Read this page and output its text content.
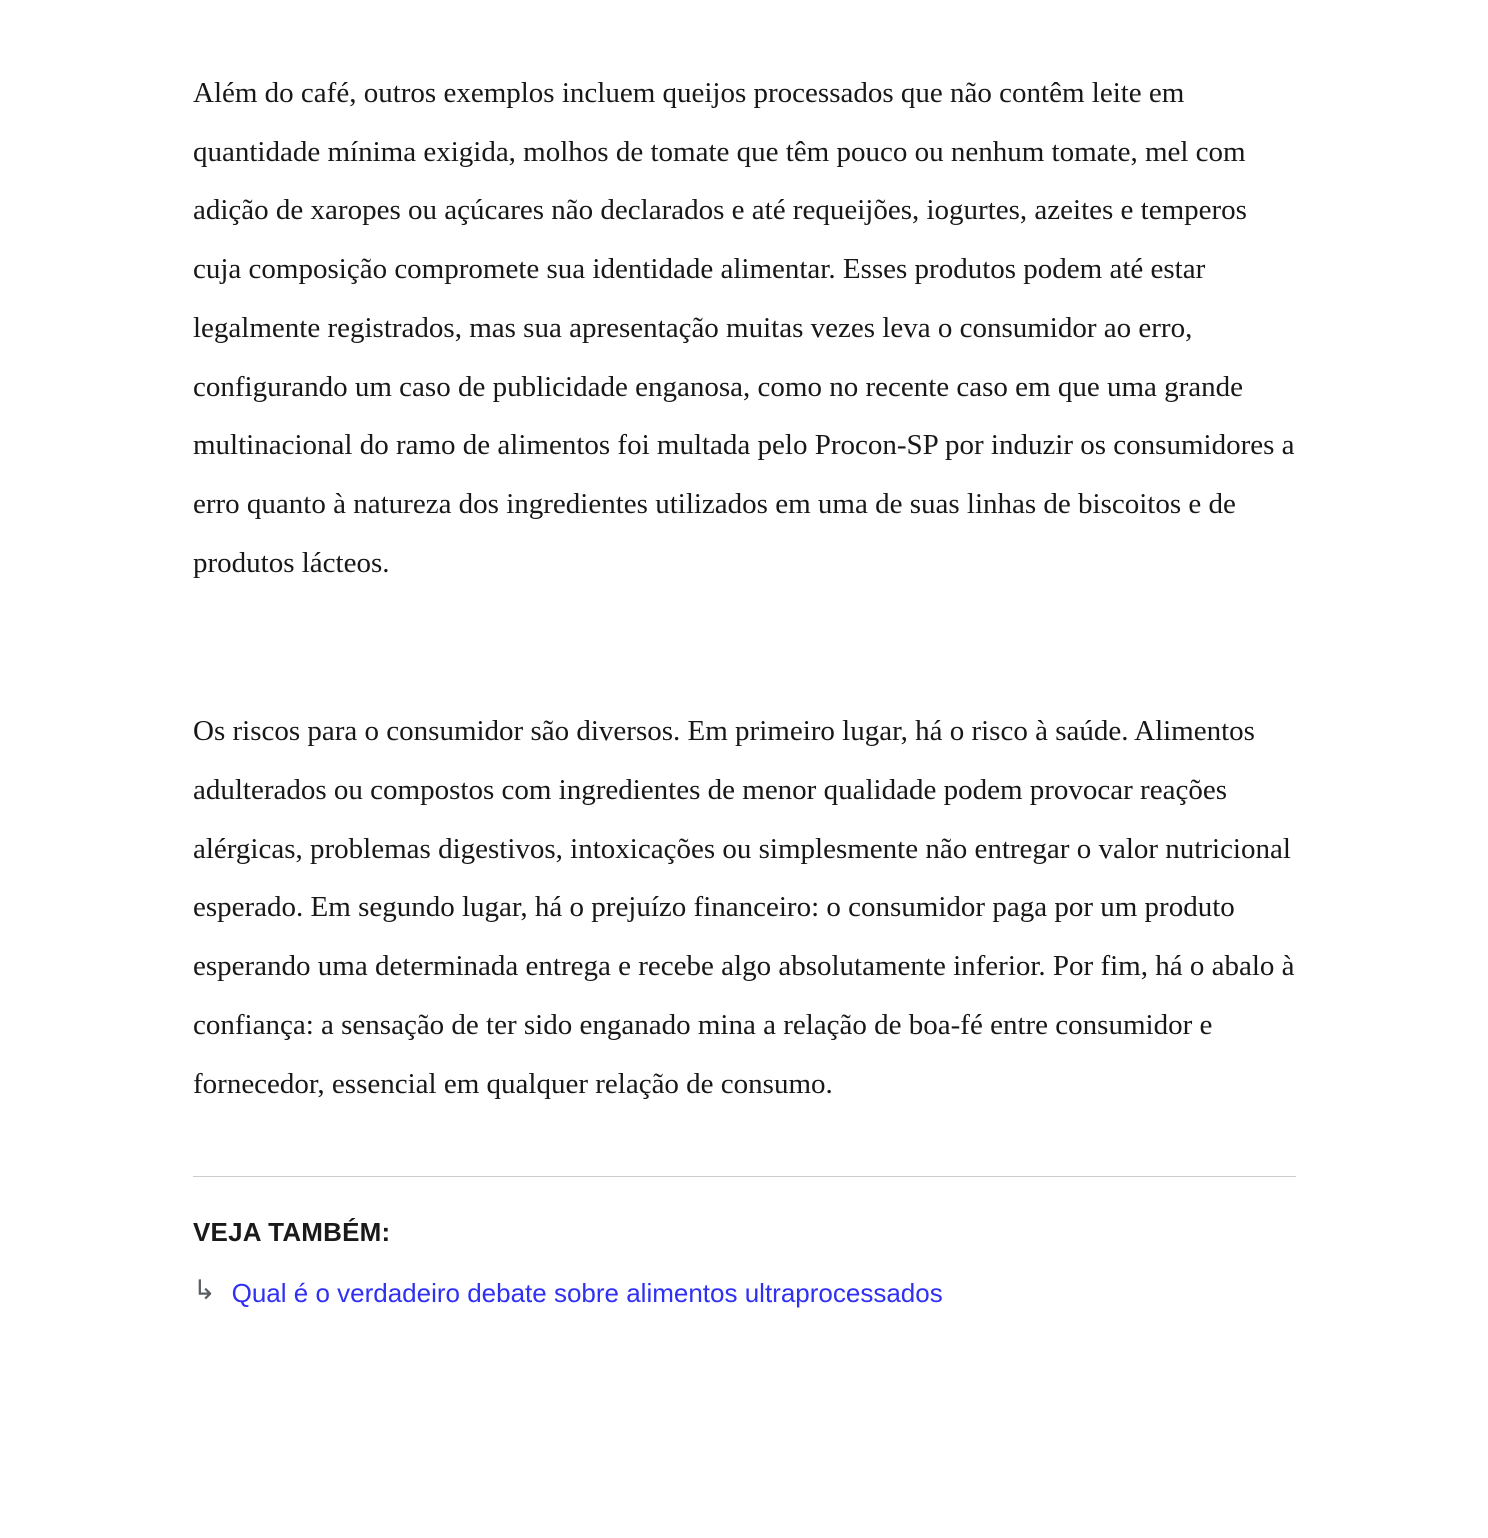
Além do café, outros exemplos incluem queijos processados que não contêm leite em quantidade mínima exigida, molhos de tomate que têm pouco ou nenhum tomate, mel com adição de xaropes ou açúcares não declarados e até requeijões, iogurtes, azeites e temperos cuja composição compromete sua identidade alimentar. Esses produtos podem até estar legalmente registrados, mas sua apresentação muitas vezes leva o consumidor ao erro, configurando um caso de publicidade enganosa, como no recente caso em que uma grande multinacional do ramo de alimentos foi multada pelo Procon-SP por induzir os consumidores a erro quanto à natureza dos ingredientes utilizados em uma de suas linhas de biscoitos e de produtos lácteos.

Os riscos para o consumidor são diversos. Em primeiro lugar, há o risco à saúde. Alimentos adulterados ou compostos com ingredientes de menor qualidade podem provocar reações alérgicas, problemas digestivos, intoxicações ou simplesmente não entregar o valor nutricional esperado. Em segundo lugar, há o prejuízo financeiro: o consumidor paga por um produto esperando uma determinada entrega e recebe algo absolutamente inferior. Por fim, há o abalo à confiança: a sensação de ter sido enganado mina a relação de boa-fé entre consumidor e fornecedor, essencial em qualquer relação de consumo.

VEJA TAMBÉM:
↳ Qual é o verdadeiro debate sobre alimentos ultraprocessados
